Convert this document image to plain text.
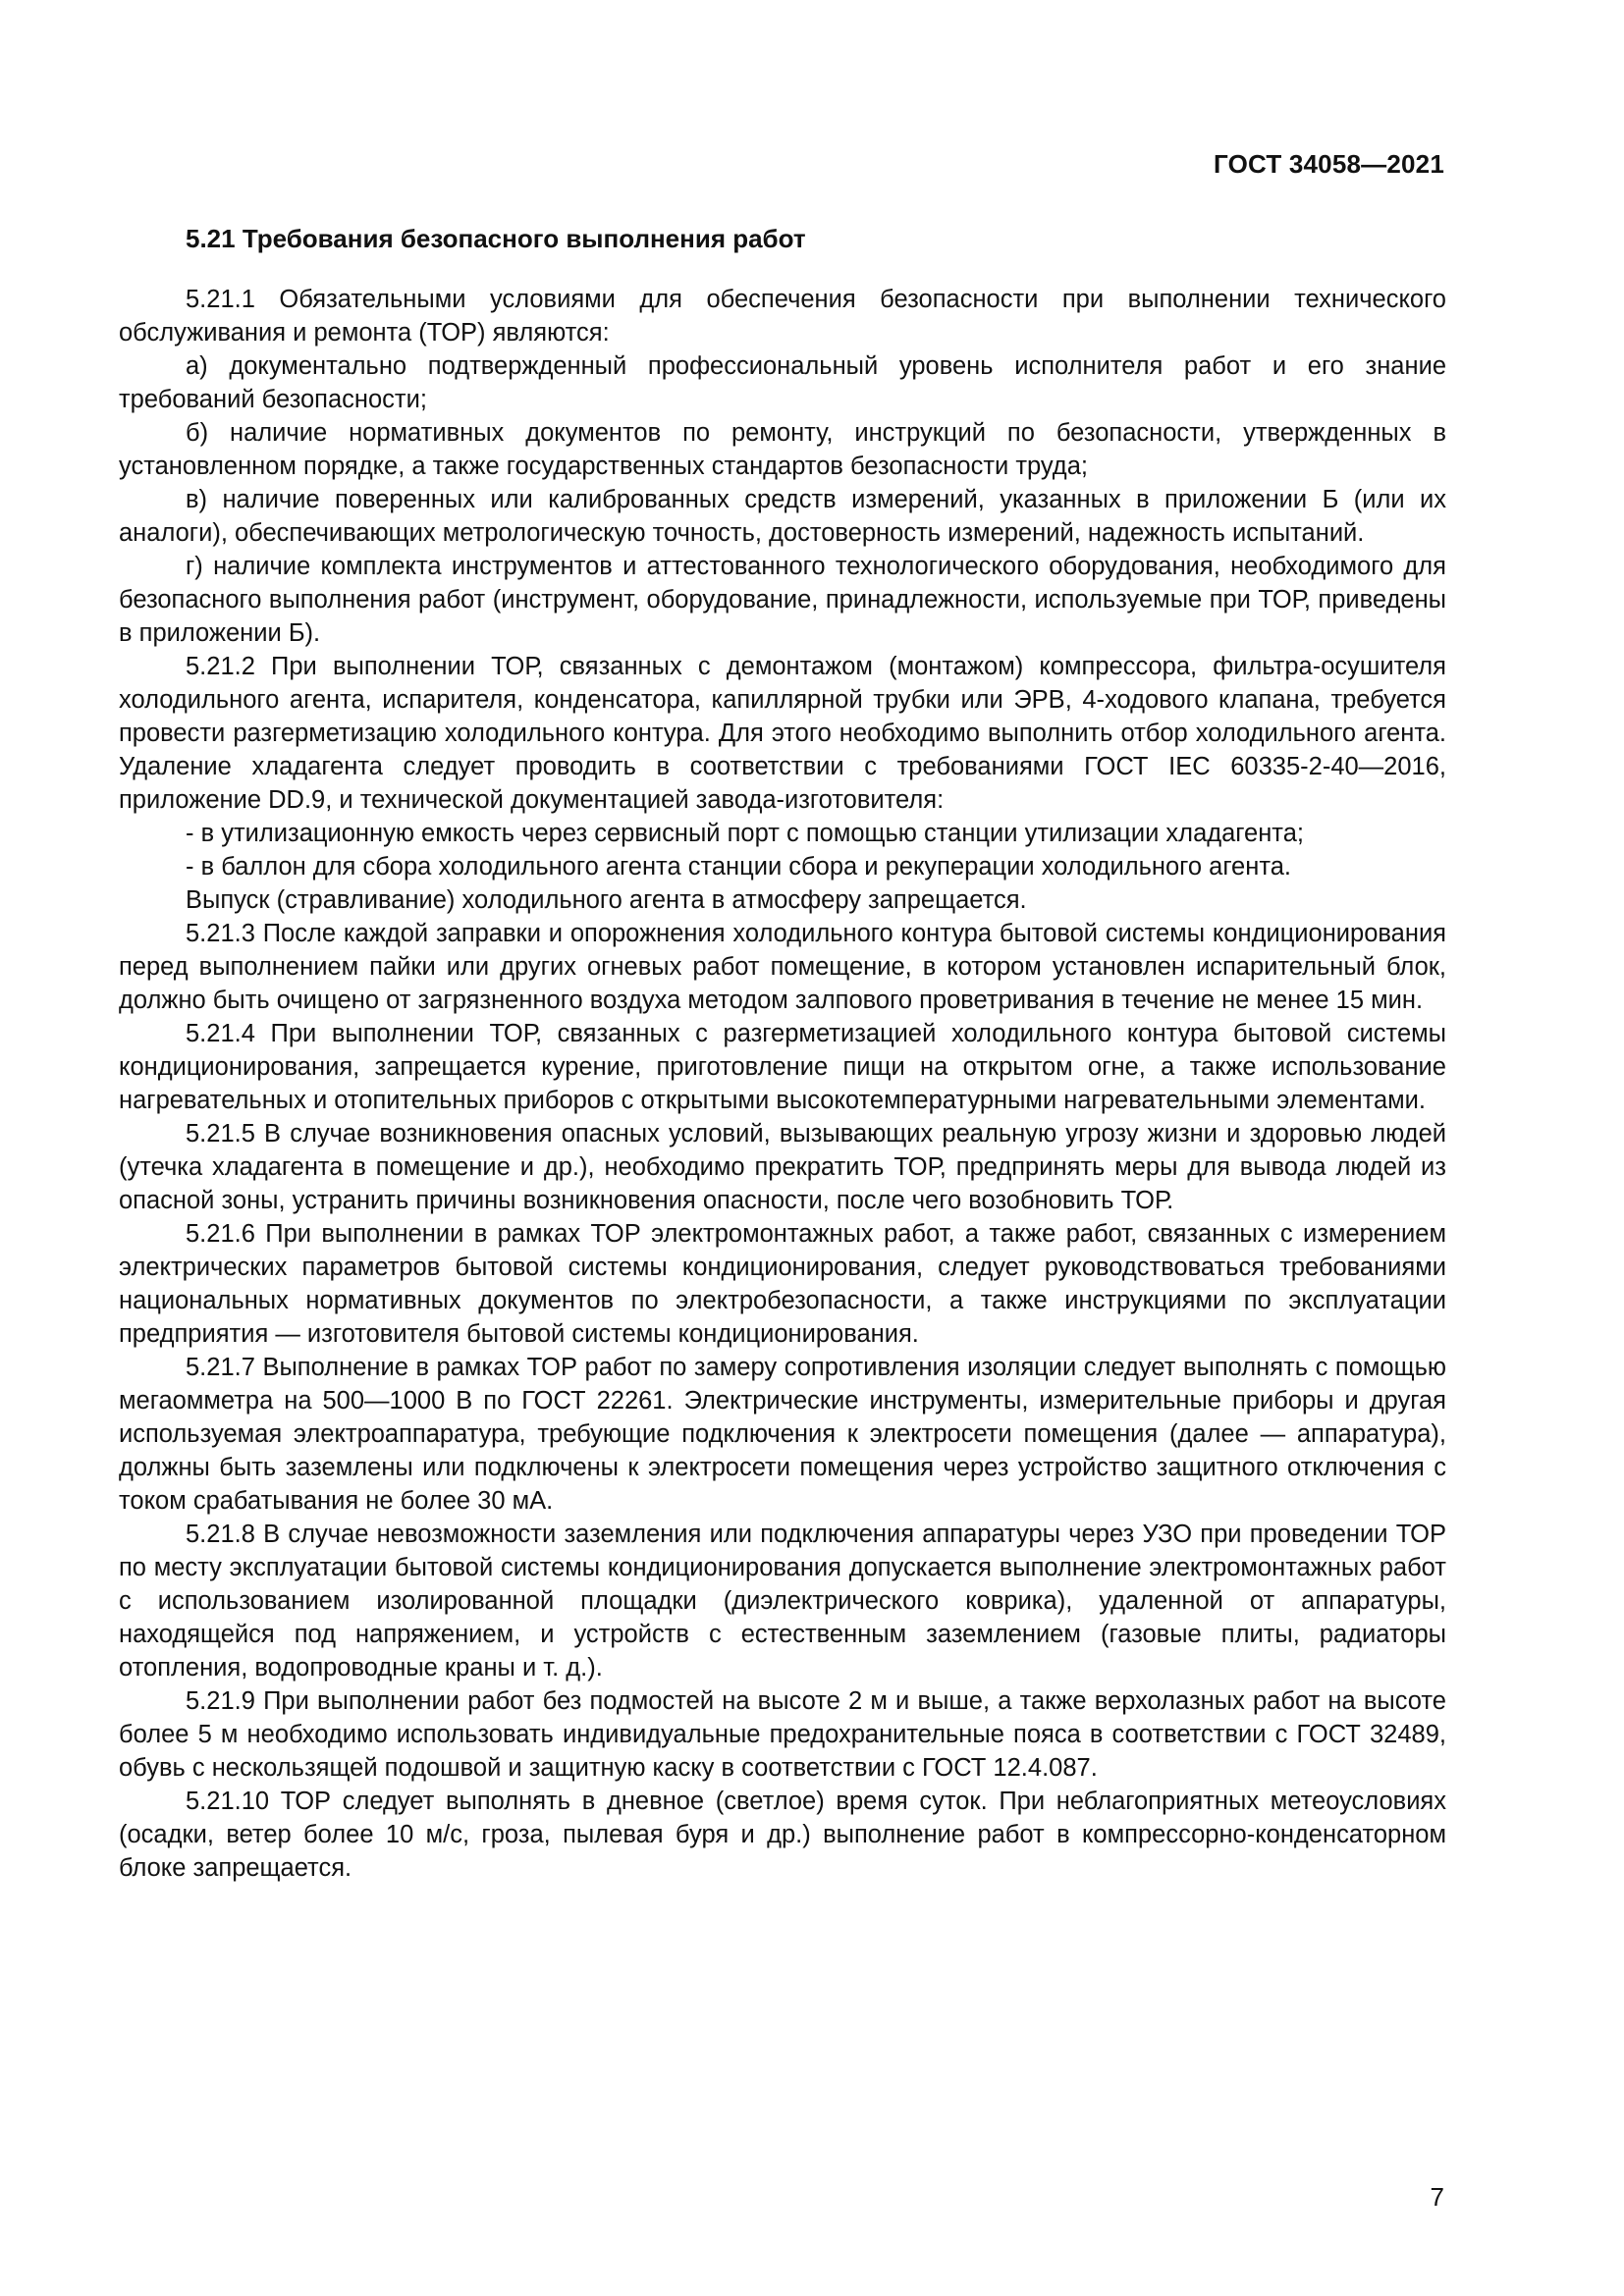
ГОСТ 34058—2021

5.21 Требования безопасного выполнения работ

5.21.1 Обязательными условиями для обеспечения безопасности при выполнении технического обслуживания и ремонта (ТОР) являются:

а) документально подтвержденный профессиональный уровень исполнителя работ и его знание требований безопасности;

б) наличие нормативных документов по ремонту, инструкций по безопасности, утвержденных в установленном порядке, а также государственных стандартов безопасности труда;

в) наличие поверенных или калиброванных средств измерений, указанных в приложении Б (или их аналоги), обеспечивающих метрологическую точность, достоверность измерений, надежность испытаний.

г) наличие комплекта инструментов и аттестованного технологического оборудования, необходимого для безопасного выполнения работ (инструмент, оборудование, принадлежности, используемые при ТОР, приведены в приложении Б).

5.21.2 При выполнении ТОР, связанных с демонтажом (монтажом) компрессора, фильтра-осушителя холодильного агента, испарителя, конденсатора, капиллярной трубки или ЭРВ, 4-ходового клапана, требуется провести разгерметизацию холодильного контура. Для этого необходимо выполнить отбор холодильного агента. Удаление хладагента следует проводить в соответствии с требованиями ГОСТ IEC 60335-2-40—2016, приложение DD.9, и технической документацией завода-изготовителя:

- в утилизационную емкость через сервисный порт с помощью станции утилизации хладагента;

- в баллон для сбора холодильного агента станции сбора и рекуперации холодильного агента.

Выпуск (стравливание) холодильного агента в атмосферу запрещается.

5.21.3 После каждой заправки и опорожнения холодильного контура бытовой системы кондиционирования перед выполнением пайки или других огневых работ помещение, в котором установлен испарительный блок, должно быть очищено от загрязненного воздуха методом залпового проветривания в течение не менее 15 мин.

5.21.4 При выполнении ТОР, связанных с разгерметизацией холодильного контура бытовой системы кондиционирования, запрещается курение, приготовление пищи на открытом огне, а также использование нагревательных и отопительных приборов с открытыми высокотемпературными нагревательными элементами.

5.21.5 В случае возникновения опасных условий, вызывающих реальную угрозу жизни и здоровью людей (утечка хладагента в помещение и др.), необходимо прекратить ТОР, предпринять меры для вывода людей из опасной зоны, устранить причины возникновения опасности, после чего возобновить ТОР.

5.21.6 При выполнении в рамках ТОР электромонтажных работ, а также работ, связанных с измерением электрических параметров бытовой системы кондиционирования, следует руководствоваться требованиями национальных нормативных документов по электробезопасности, а также инструкциями по эксплуатации предприятия — изготовителя бытовой системы кондиционирования.

5.21.7 Выполнение в рамках ТОР работ по замеру сопротивления изоляции следует выполнять с помощью мегаомметра на 500—1000 В по ГОСТ 22261. Электрические инструменты, измерительные приборы и другая используемая электроаппаратура, требующие подключения к электросети помещения (далее — аппаратура), должны быть заземлены или подключены к электросети помещения через устройство защитного отключения с током срабатывания не более 30 мА.

5.21.8 В случае невозможности заземления или подключения аппаратуры через УЗО при проведении ТОР по месту эксплуатации бытовой системы кондиционирования допускается выполнение электромонтажных работ с использованием изолированной площадки (диэлектрического коврика), удаленной от аппаратуры, находящейся под напряжением, и устройств с естественным заземлением (газовые плиты, радиаторы отопления, водопроводные краны и т. д.).

5.21.9 При выполнении работ без подмостей на высоте 2 м и выше, а также верхолазных работ на высоте более 5 м необходимо использовать индивидуальные предохранительные пояса в соответствии с ГОСТ 32489, обувь с нескользящей подошвой и защитную каску в соответствии с ГОСТ 12.4.087.

5.21.10 ТОР следует выполнять в дневное (светлое) время суток. При неблагоприятных метеоусловиях (осадки, ветер более 10 м/с, гроза, пылевая буря и др.) выполнение работ в компрессорно-конденсаторном блоке запрещается.

7
